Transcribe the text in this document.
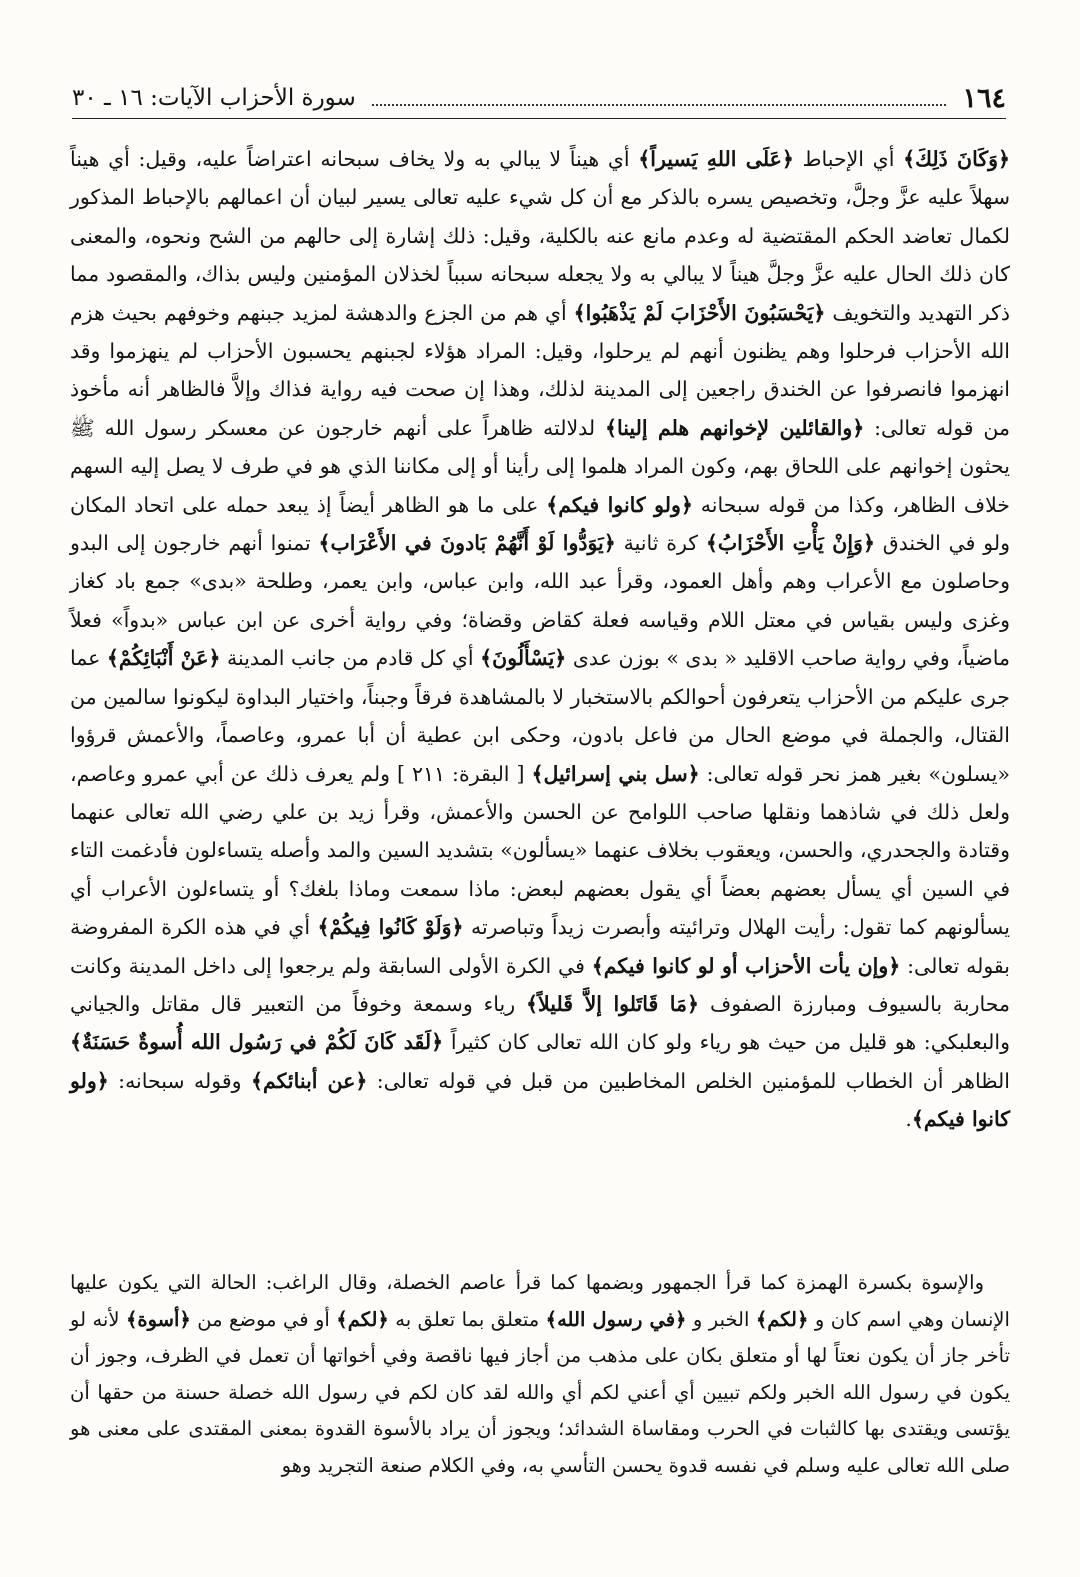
١٦٤
سورة الأحزاب الآيات: ١٦ ـ ٣٠

﴿وَكَانَ ذَلِكَ﴾ أي الإحباط ﴿عَلَى اللهِ يَسيراً﴾ أي هيناً لا يبالي به ولا يخاف سبحانه اعتراضاً عليه، وقيل: أي هيناً سهلاً عليه عزَّ وجلَّ، وتخصيص يسره بالذكر مع أن كل شيء عليه تعالى يسير لبيان أن اعمالهم بالإحباط المذكور لكمال تعاضد الحكم المقتضية له وعدم مانع عنه بالكلية، وقيل: ذلك إشارة إلى حالهم من الشح ونحوه، والمعنى كان ذلك الحال عليه عزَّ وجلَّ هيناً لا يبالي به ولا يجعله سبحانه سبباً لخذلان المؤمنين وليس بذاك، والمقصود مما ذكر التهديد والتخويف ﴿يَحْسَبُونَ الأَحْزَابَ لَمْ يَذْهَبُوا﴾ أي هم من الجزع والدهشة لمزيد جبنهم وخوفهم بحيث هزم الله الأحزاب فرحلوا وهم يظنون أنهم لم يرحلوا، وقيل: المراد هؤلاء لجبنهم يحسبون الأحزاب لم ينهزموا وقد انهزموا فانصرفوا عن الخندق راجعين إلى المدينة لذلك، وهذا إن صحت فيه رواية فذاك وإلاَّ فالظاهر أنه مأخوذ من قوله تعالى: ﴿والقائلين لإخوانهم هلم إلينا﴾ لدلالته ظاهراً على أنهم خارجون عن معسكر رسول الله ﷺ يحثون إخوانهم على اللحاق بهم، وكون المراد هلموا إلى رأينا أو إلى مكاننا الذي هو في طرف لا يصل إليه السهم خلاف الظاهر، وكذا من قوله سبحانه ﴿ولو كانوا فيكم﴾ على ما هو الظاهر أيضاً إذ يبعد حمله على اتحاد المكان ولو في الخندق ﴿وَإِنْ يَأْتِ الأَحْزَابُ﴾ كرة ثانية ﴿يَوَدُّوا لَوْ أَنَّهُمْ بَادونَ في الأَعْرَاب﴾ تمنوا أنهم خارجون إلى البدو وحاصلون مع الأعراب وهم وأهل العمود، وقرأ عبد الله، وابن عباس، وابن يعمر، وطلحة «بدى» جمع باد كغاز وغزى وليس بقياس في معتل اللام وقياسه فعلة كقاض وقضاة؛ وفي رواية أخرى عن ابن عباس «بدواً» فعلاً ماضياً، وفي رواية صاحب الاقليد « بدى » بوزن عدى ﴿يَسْأَلُونَ﴾ أي كل قادم من جانب المدينة ﴿عَنْ أَنْبَائِكُمْ﴾ عما جرى عليكم من الأحزاب يتعرفون أحوالكم بالاستخبار لا بالمشاهدة فرقاً وجبناً، واختيار البداوة ليكونوا سالمين من القتال، والجملة في موضع الحال من فاعل بادون، وحكى ابن عطية أن أبا عمرو، وعاصماً، والأعمش قرؤوا «يسلون» بغير همز نحر قوله تعالى: ﴿سل بني إسرائيل﴾ [ البقرة: ٢١١ ] ولم يعرف ذلك عن أبي عمرو وعاصم، ولعل ذلك في شاذهما ونقلها صاحب اللوامح عن الحسن والأعمش، وقرأ زيد بن علي رضي الله تعالى عنهما وقتادة والجحدري، والحسن، ويعقوب بخلاف عنهما «يسألون» بتشديد السين والمد وأصله يتساءلون فأدغمت التاء في السين أي يسأل بعضهم بعضاً أي يقول بعضهم لبعض: ماذا سمعت وماذا بلغك؟ أو يتساءلون الأعراب أي يسألونهم كما تقول: رأيت الهلال وترائيته وأبصرت زيداً وتباصرته ﴿وَلَوْ كَانُوا فِيكُمْ﴾ أي في هذه الكرة المفروضة بقوله تعالى: ﴿وإن يأت الأحزاب أو لو كانوا فيكم﴾ في الكرة الأولى السابقة ولم يرجعوا إلى داخل المدينة وكانت محاربة بالسيوف ومبارزة الصفوف ﴿مَا قَاتَلوا إلاَّ قَليلاً﴾ رياء وسمعة وخوفاً من التعبير قال مقاتل والجياني والبعلبكي: هو قليل من حيث هو رياء ولو كان الله تعالى كان كثيراً ﴿لَقَد كَانَ لَكُمْ في رَسُول الله أُسوةٌ حَسَنَةٌ﴾ الظاهر أن الخطاب للمؤمنين الخلص المخاطبين من قبل في قوله تعالى: ﴿عن أبنائكم﴾ وقوله سبحانه: ﴿ولو كانوا فيكم﴾.

والإسوة بكسرة الهمزة كما قرأ الجمهور وبضمها كما قرأ عاصم الخصلة، وقال الراغب: الحالة التي يكون عليها الإنسان وهي اسم كان و ﴿لكم﴾ الخبر و ﴿في رسول الله﴾ متعلق بما تعلق به ﴿لكم﴾ أو في موضع من ﴿أسوة﴾ لأنه لو تأخر جاز أن يكون نعتاً لها أو متعلق بكان على مذهب من أجاز فيها ناقصة وفي أخواتها أن تعمل في الظرف، وجوز أن يكون في رسول الله الخبر ولكم تبيين أي أعني لكم أي والله لقد كان لكم في رسول الله خصلة حسنة من حقها أن يؤتسى ويقتدى بها كالثبات في الحرب ومقاساة الشدائد؛ ويجوز أن يراد بالأسوة القدوة بمعنى المقتدى على معنى هو صلى الله تعالى عليه وسلم في نفسه قدوة يحسن التأسي به، وفي الكلام صنعة التجريد وهو
